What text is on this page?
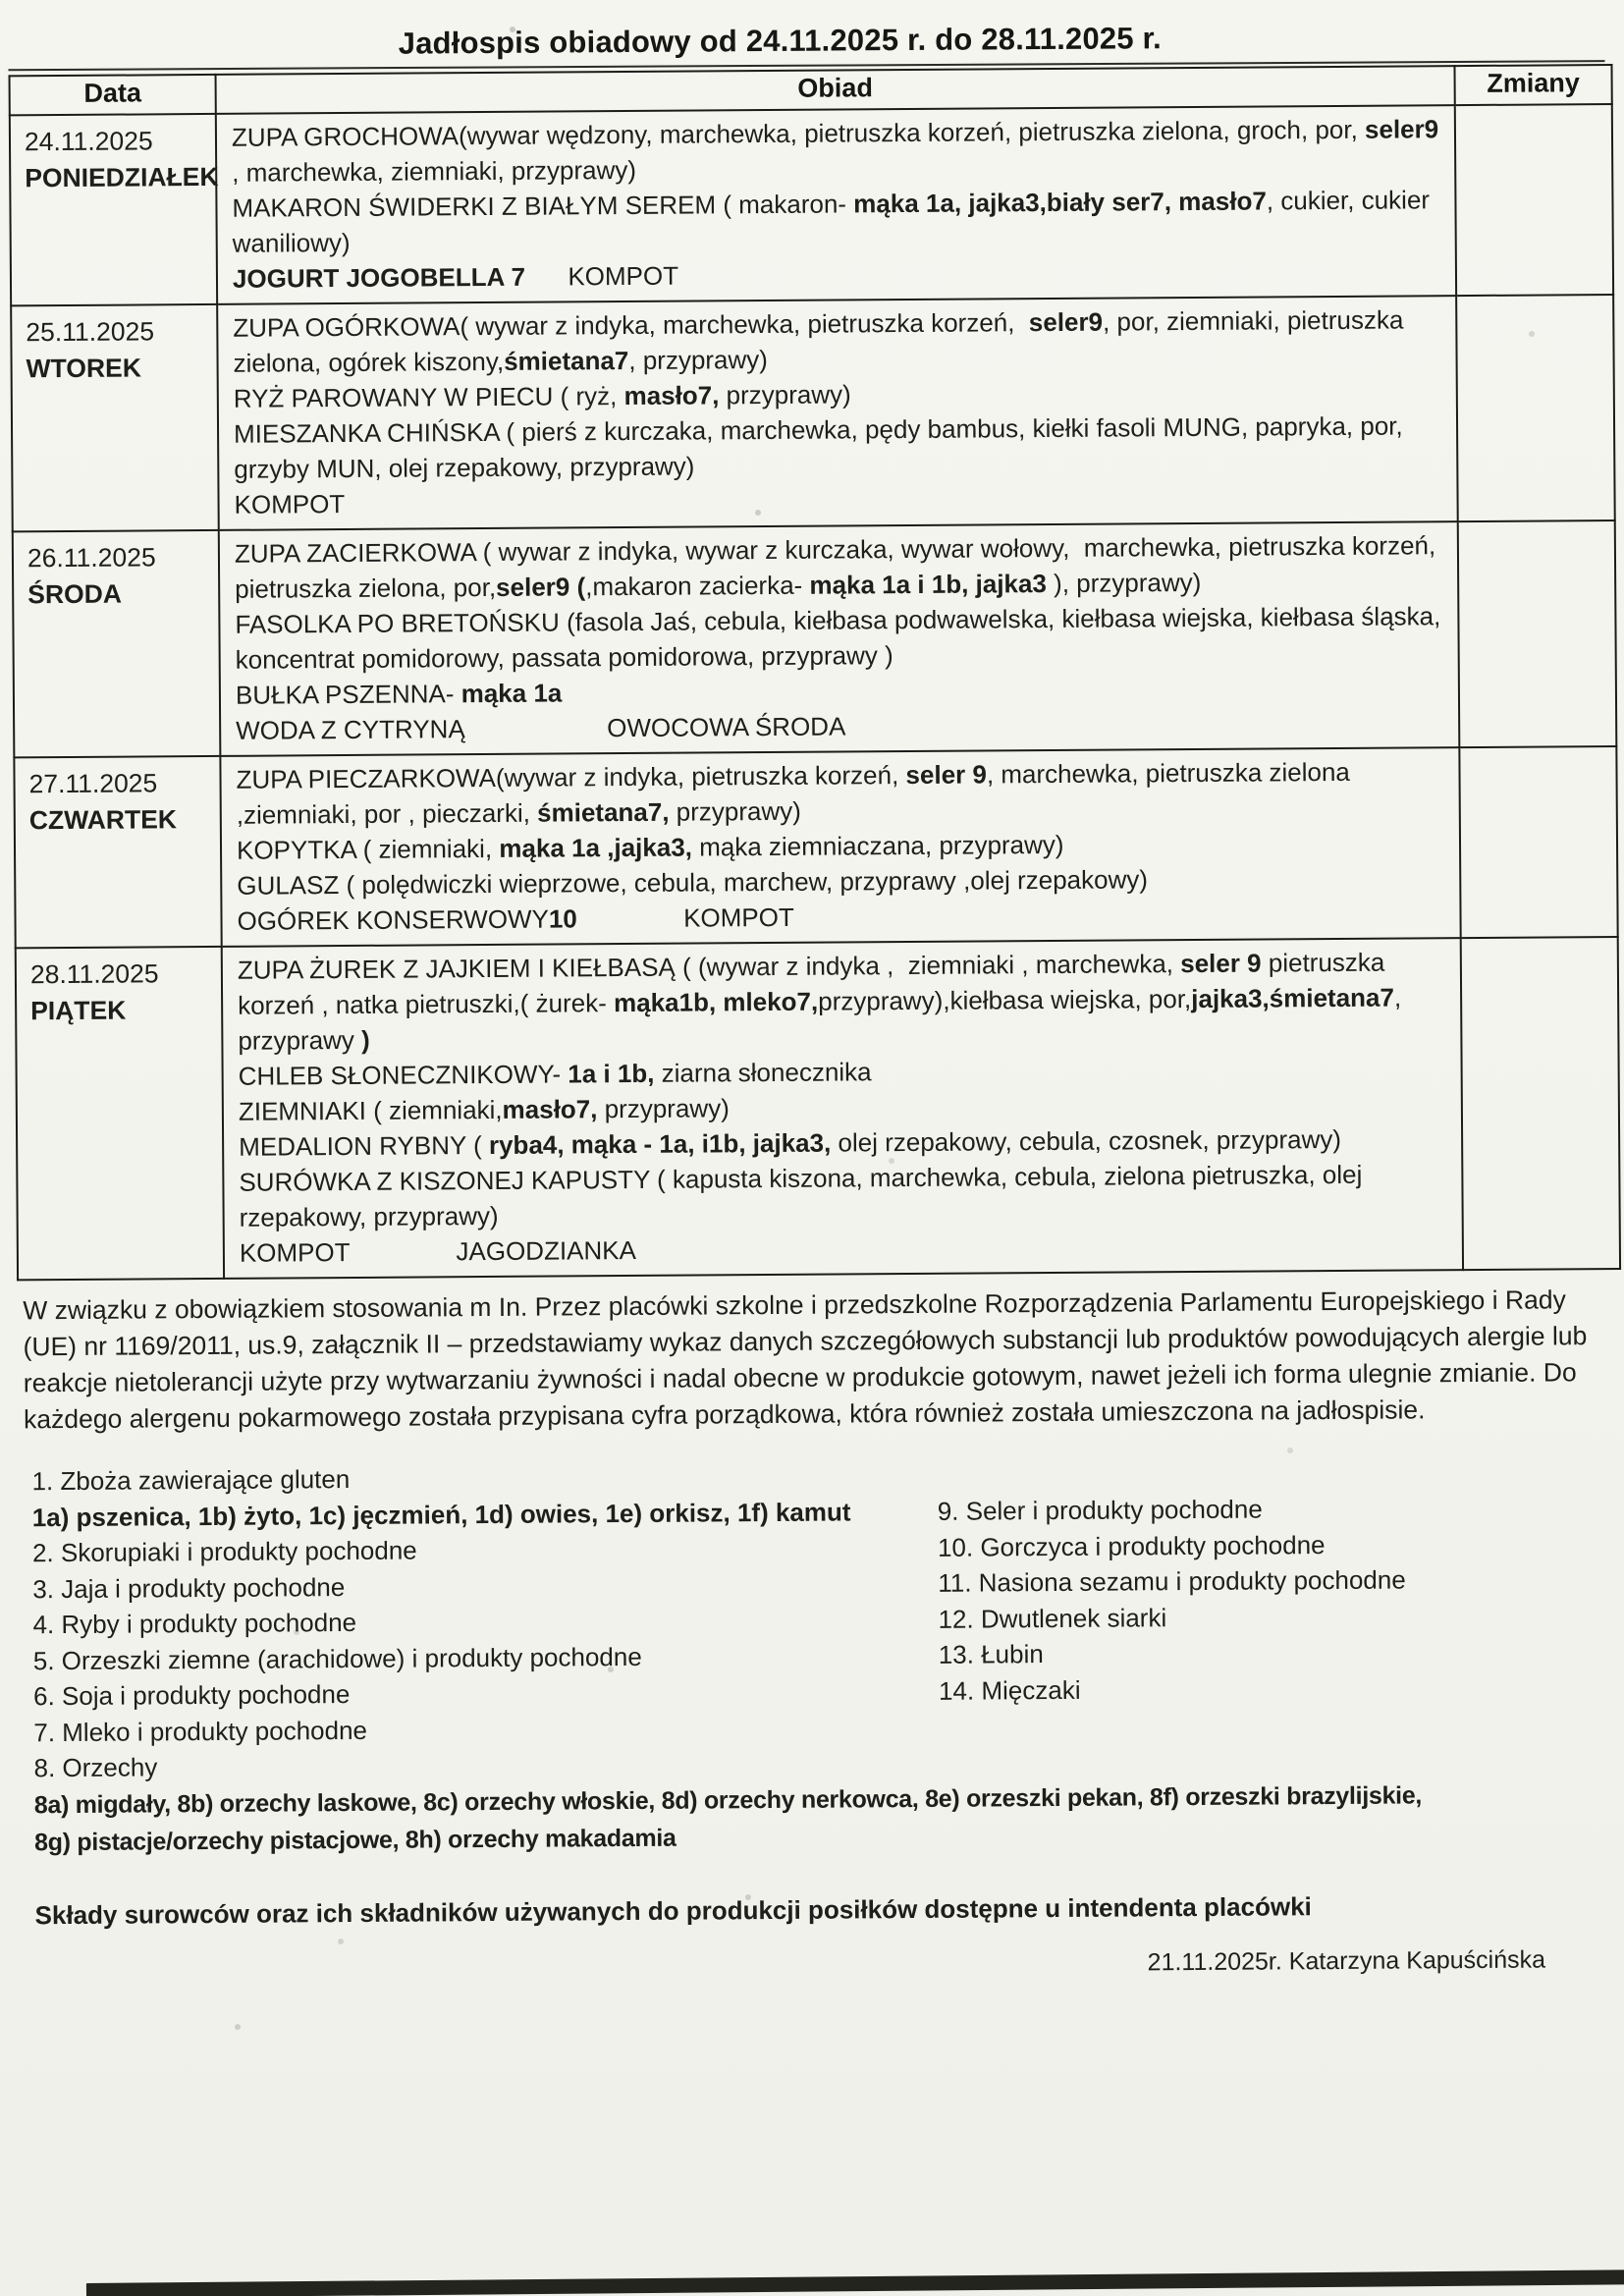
Jadłospis obiadowy od 24.11.2025 r. do 28.11.2025 r.
Data	Obiad	Zmiany

24.11.2025
PONIEDZIAŁEK

ZUPA GROCHOWA(wywar wędzony, marchewka, pietruszka korzeń, pietruszka zielona, groch, por, seler9 , marchewka, ziemniaki, przyprawy)
MAKARON ŚWIDERKI Z BIAŁYM SEREM ( makaron- mąka 1a, jajka3,biały ser7, masło7, cukier, cukier waniliowy)
JOGURT JOGOBELLA 7      KOMPOT

25.11.2025
WTOREK

ZUPA OGÓRKOWA( wywar z indyka, marchewka, pietruszka korzeń,  seler9, por, ziemniaki, pietruszka zielona, ogórek kiszony,śmietana7, przyprawy)
RYŻ PAROWANY W PIECU ( ryż, masło7, przyprawy)
MIESZANKA CHIŃSKA ( pierś z kurczaka, marchewka, pędy bambus, kiełki fasoli MUNG, papryka, por, grzyby MUN, olej rzepakowy, przyprawy)
KOMPOT

26.11.2025
ŚRODA

ZUPA ZACIERKOWA ( wywar z indyka, wywar z kurczaka, wywar wołowy,  marchewka, pietruszka korzeń, pietruszka zielona, por,seler9 (,makaron zacierka- mąka 1a i 1b, jajka3 ), przyprawy)
FASOLKA PO BRETOŃSKU (fasola Jaś, cebula, kiełbasa podwawelska, kiełbasa wiejska, kiełbasa śląska, koncentrat pomidorowy, passata pomidorowa, przyprawy )
BUŁKA PSZENNA- mąka 1a
WODA Z CYTRYNĄ                    OWOCOWA ŚRODA

27.11.2025
CZWARTEK

ZUPA PIECZARKOWA(wywar z indyka, pietruszka korzeń, seler 9, marchewka, pietruszka zielona ,ziemniaki, por , pieczarki, śmietana7, przyprawy)
KOPYTKA ( ziemniaki, mąka 1a ,jajka3, mąka ziemniaczana, przyprawy)
GULASZ ( polędwiczki wieprzowe, cebula, marchew, przyprawy ,olej rzepakowy)
OGÓREK KONSERWOWY10               KOMPOT

28.11.2025
PIĄTEK

ZUPA ŻUREK Z JAJKIEM I KIEŁBASĄ ( (wywar z indyka ,  ziemniaki , marchewka, seler 9 pietruszka  korzeń , natka pietruszki,( żurek- mąka1b, mleko7,przyprawy),kiełbasa wiejska, por,jajka3,śmietana7, przyprawy )
CHLEB SŁONECZNIKOWY- 1a i 1b, ziarna słonecznika
ZIEMNIAKI ( ziemniaki,masło7, przyprawy)
MEDALION RYBNY ( ryba4, mąka - 1a, i1b, jajka3, olej rzepakowy, cebula, czosnek, przyprawy)
SURÓWKA Z KISZONEJ KAPUSTY ( kapusta kiszona, marchewka, cebula, zielona pietruszka, olej rzepakowy, przyprawy)
KOMPOT               JAGODZIANKA

W związku z obowiązkiem stosowania m In. Przez placówki szkolne i przedszkolne Rozporządzenia Parlamentu Europejskiego i Rady (UE) nr 1169/2011, us.9, załącznik II – przedstawiamy wykaz danych szczegółowych substancji lub produktów powodujących alergie lub reakcje nietolerancji użyte przy wytwarzaniu żywności i nadal obecne w produkcie gotowym, nawet jeżeli ich forma ulegnie zmianie. Do każdego alergenu pokarmowego została przypisana cyfra porządkowa, która również została umieszczona na jadłospisie.

1. Zboża zawierające gluten
1a) pszenica, 1b) żyto, 1c) jęczmień, 1d) owies, 1e) orkisz, 1f) kamut
2. Skorupiaki i produkty pochodne
3. Jaja i produkty pochodne
4. Ryby i produkty pochodne
5. Orzeszki ziemne (arachidowe) i produkty pochodne
6. Soja i produkty pochodne
7. Mleko i produkty pochodne
8. Orzechy
9. Seler i produkty pochodne
10. Gorczyca i produkty pochodne
11. Nasiona sezamu i produkty pochodne
12. Dwutlenek siarki
13. Łubin
14. Mięczaki
8a) migdały, 8b) orzechy laskowe, 8c) orzechy włoskie, 8d) orzechy nerkowca, 8e) orzeszki pekan, 8f) orzeszki brazylijskie,
8g) pistacje/orzechy pistacjowe, 8h) orzechy makadamia

Składy surowców oraz ich składników używanych do produkcji posiłków dostępne u intendenta placówki

21.11.2025r. Katarzyna Kapuścińska
